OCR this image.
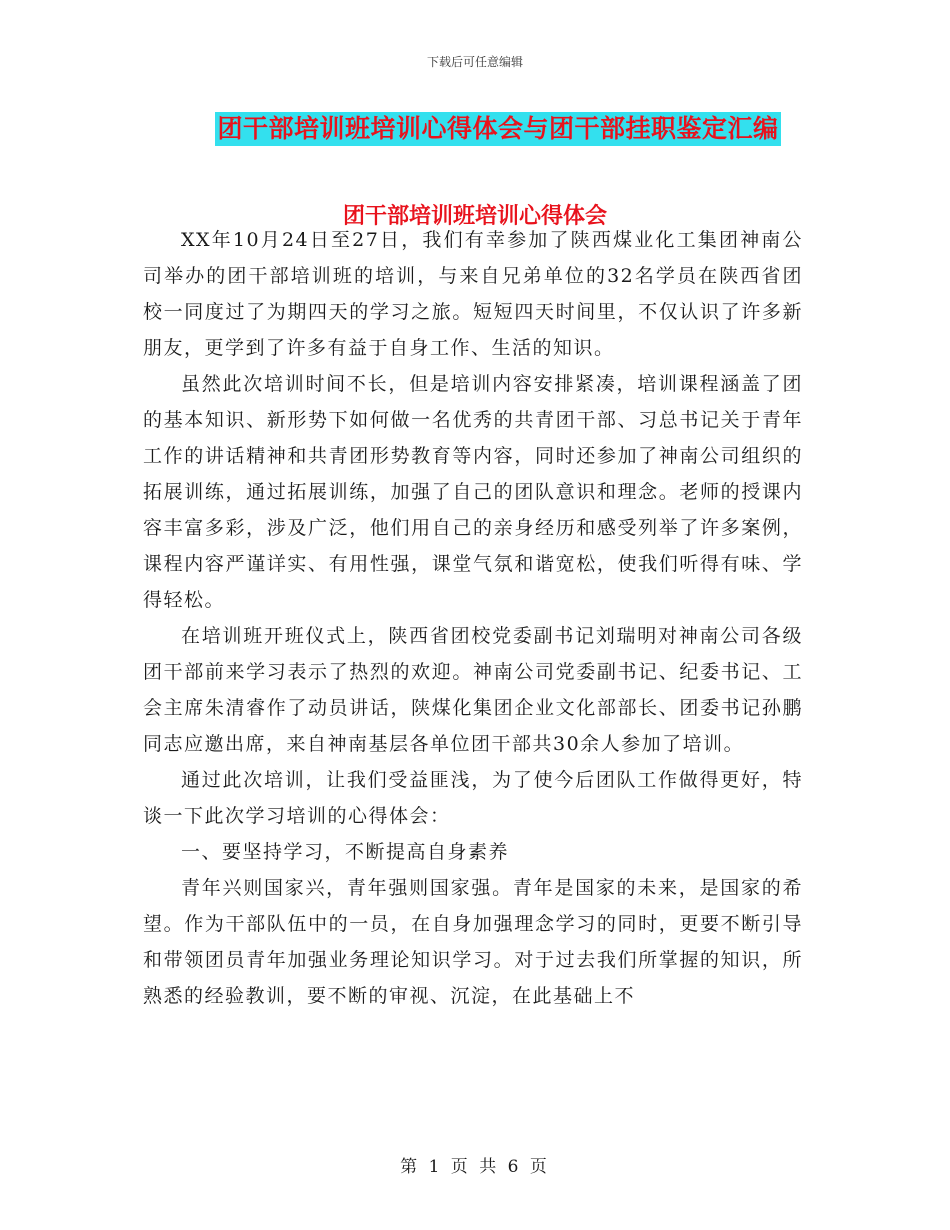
下载后可任意编辑
团干部培训班培训心得体会与团干部挂职鉴定汇编
团干部培训班培训心得体会

XX年10月24日至27日，我们有幸参加了陕西煤业化工集团神南公司举办的团干部培训班的培训，与来自兄弟单位的32名学员在陕西省团校一同度过了为期四天的学习之旅。短短四天时间里，不仅认识了许多新朋友，更学到了许多有益于自身工作、生活的知识。

虽然此次培训时间不长，但是培训内容安排紧凑，培训课程涵盖了团的基本知识、新形势下如何做一名优秀的共青团干部、习总书记关于青年工作的讲话精神和共青团形势教育等内容，同时还参加了神南公司组织的拓展训练，通过拓展训练，加强了自己的团队意识和理念。老师的授课内容丰富多彩，涉及广泛，他们用自己的亲身经历和感受列举了许多案例，课程内容严谨详实、有用性强，课堂气氛和谐宽松，使我们听得有味、学得轻松。

在培训班开班仪式上，陕西省团校党委副书记刘瑞明对神南公司各级团干部前来学习表示了热烈的欢迎。神南公司党委副书记、纪委书记、工会主席朱清睿作了动员讲话，陕煤化集团企业文化部部长、团委书记孙鹏同志应邀出席，来自神南基层各单位团干部共30余人参加了培训。

通过此次培训，让我们受益匪浅，为了使今后团队工作做得更好，特谈一下此次学习培训的心得体会：

一、要坚持学习，不断提高自身素养

青年兴则国家兴，青年强则国家强。青年是国家的未来，是国家的希望。作为干部队伍中的一员，在自身加强理念学习的同时，更要不断引导和带领团员青年加强业务理论知识学习。对于过去我们所掌握的知识，所熟悉的经验教训，要不断的审视、沉淀，在此基础上不

第 1 页 共 6 页
